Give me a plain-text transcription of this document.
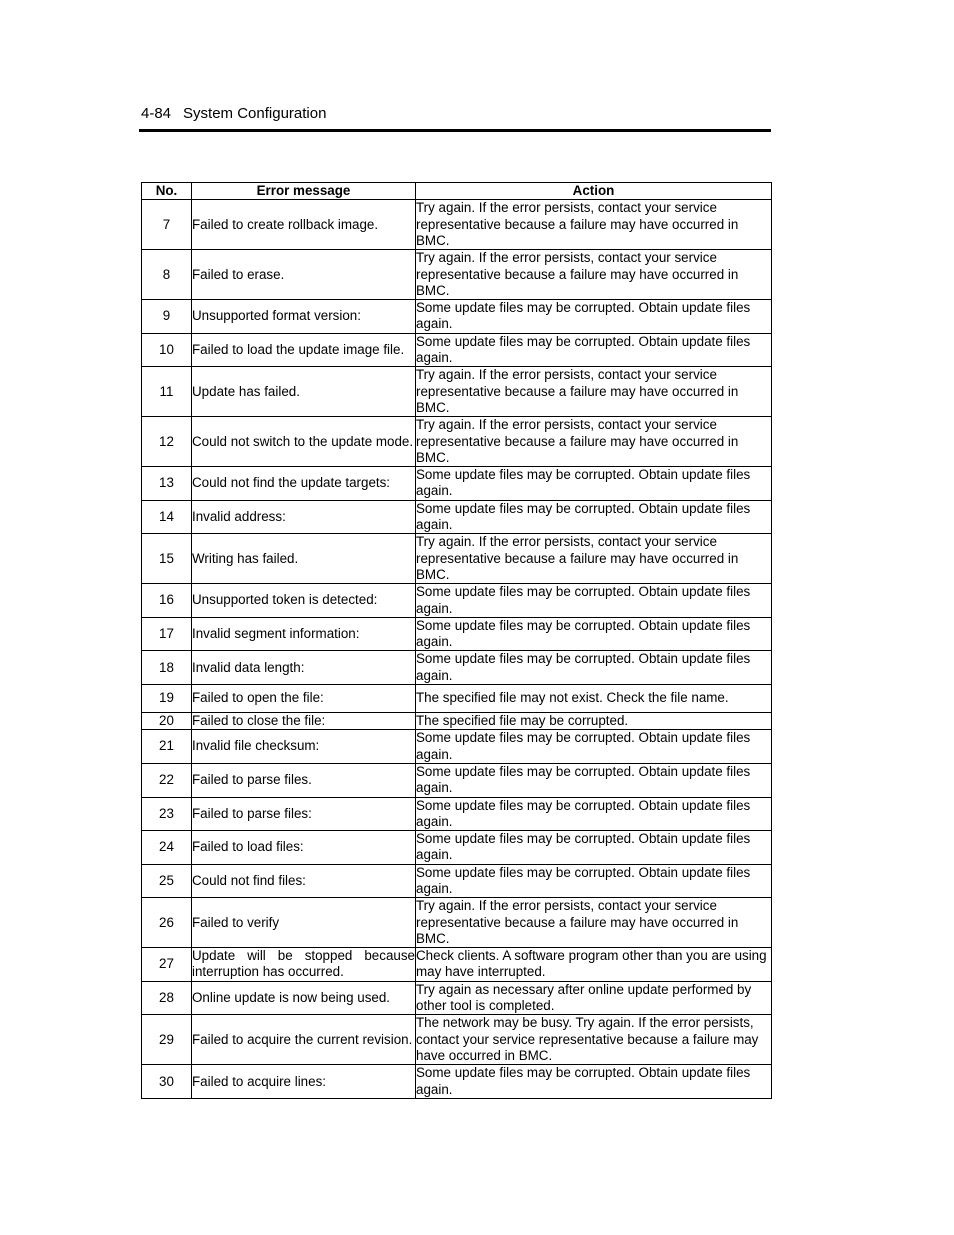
4-84 System Configuration
No.	Error message	Action
7	Failed to create rollback image.	Try again. If the error persists, contact your service representative because a failure may have occurred in BMC.
8	Failed to erase.	Try again. If the error persists, contact your service representative because a failure may have occurred in BMC.
9	Unsupported format version:	Some update files may be corrupted. Obtain update files again.
10	Failed to load the update image file.	Some update files may be corrupted. Obtain update files again.
11	Update has failed.	Try again. If the error persists, contact your service representative because a failure may have occurred in BMC.
12	Could not switch to the update mode.	Try again. If the error persists, contact your service representative because a failure may have occurred in BMC.
13	Could not find the update targets:	Some update files may be corrupted. Obtain update files again.
14	Invalid address:	Some update files may be corrupted. Obtain update files again.
15	Writing has failed.	Try again. If the error persists, contact your service representative because a failure may have occurred in BMC.
16	Unsupported token is detected:	Some update files may be corrupted. Obtain update files again.
17	Invalid segment information:	Some update files may be corrupted. Obtain update files again.
18	Invalid data length:	Some update files may be corrupted. Obtain update files again.
19	Failed to open the file:	The specified file may not exist. Check the file name.
20	Failed to close the file:	The specified file may be corrupted.
21	Invalid file checksum:	Some update files may be corrupted. Obtain update files again.
22	Failed to parse files.	Some update files may be corrupted. Obtain update files again.
23	Failed to parse files:	Some update files may be corrupted. Obtain update files again.
24	Failed to load files:	Some update files may be corrupted. Obtain update files again.
25	Could not find files:	Some update files may be corrupted. Obtain update files again.
26	Failed to verify	Try again. If the error persists, contact your service representative because a failure may have occurred in BMC.
27	Update will be stopped because interruption has occurred.	Check clients. A software program other than you are using may have interrupted.
28	Online update is now being used.	Try again as necessary after online update performed by other tool is completed.
29	Failed to acquire the current revision.	The network may be busy. Try again. If the error persists, contact your service representative because a failure may have occurred in BMC.
30	Failed to acquire lines:	Some update files may be corrupted. Obtain update files again.
